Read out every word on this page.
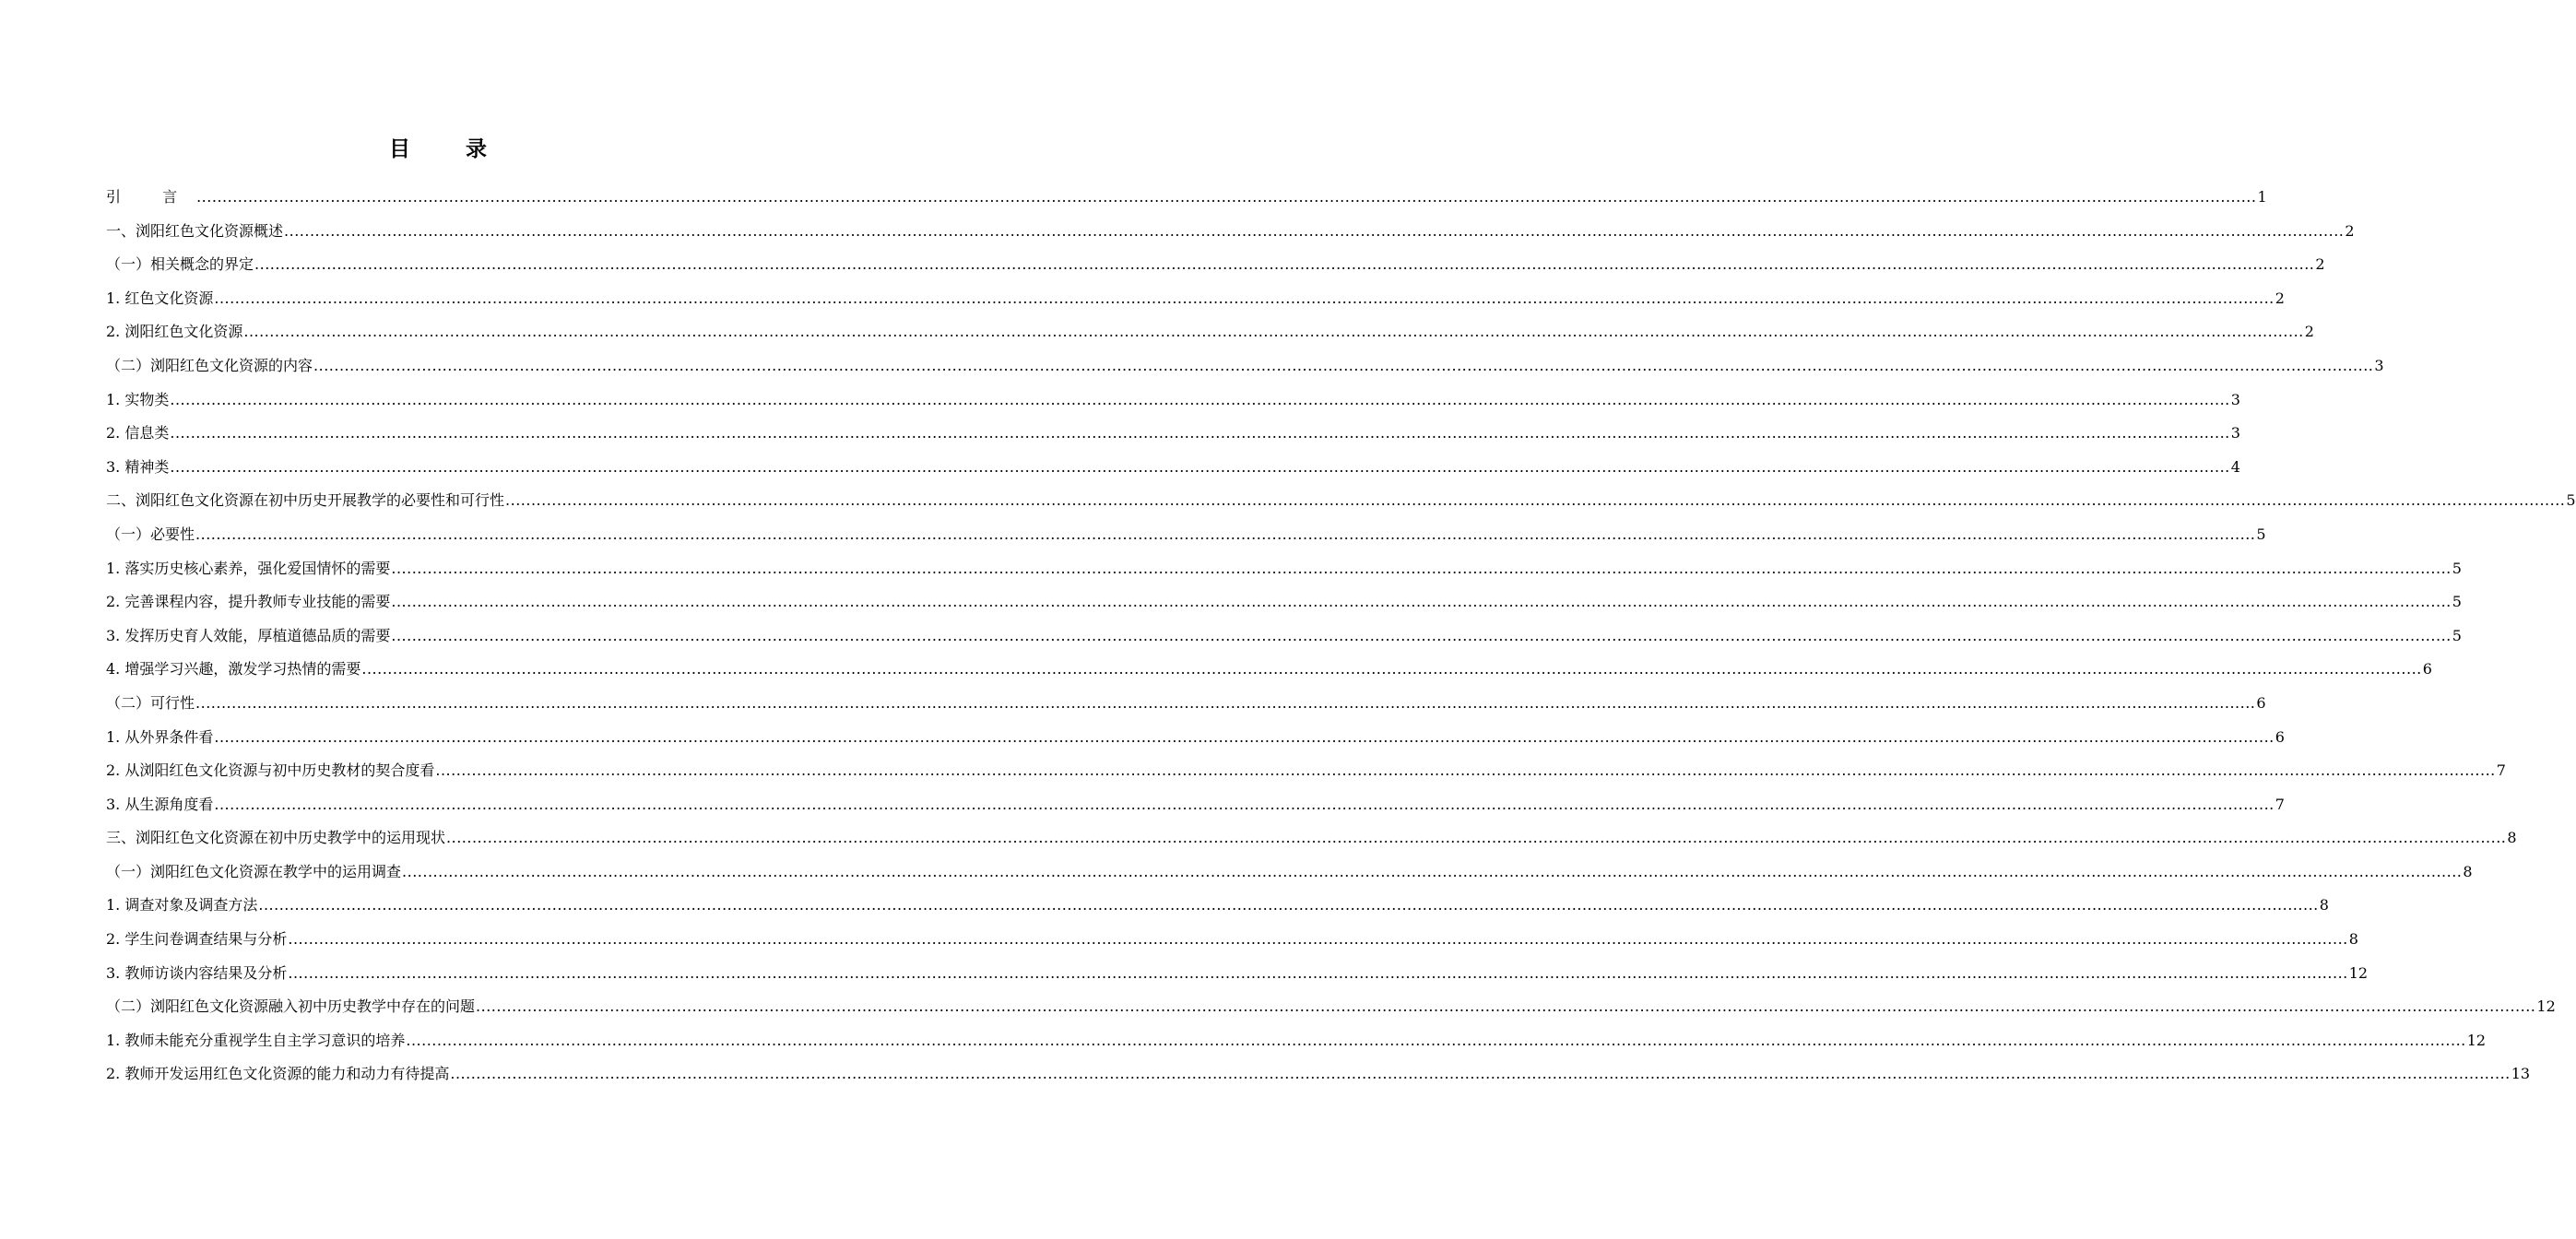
目 录
引 言 ................................................................................................................................................................................................................................................................................................................................................................................................................ 1
一、浏阳红色文化资源概述 ................................................................................................................................................................................................................................................................................................................................................................................................................ 2
（一）相关概念的界定 ................................................................................................................................................................................................................................................................................................................................................................................................................ 2
1. 红色文化资源 ................................................................................................................................................................................................................................................................................................................................................................................................................ 2
2. 浏阳红色文化资源 ................................................................................................................................................................................................................................................................................................................................................................................................................ 2
（二）浏阳红色文化资源的内容 ................................................................................................................................................................................................................................................................................................................................................................................................................ 3
1. 实物类 ................................................................................................................................................................................................................................................................................................................................................................................................................ 3
2. 信息类 ................................................................................................................................................................................................................................................................................................................................................................................................................ 3
3. 精神类 ................................................................................................................................................................................................................................................................................................................................................................................................................ 4
二、浏阳红色文化资源在初中历史开展教学的必要性和可行性 ................................................................................................................................................................................................................................................................................................................................................................................................................ 5
（一）必要性 ................................................................................................................................................................................................................................................................................................................................................................................................................ 5
1. 落实历史核心素养，强化爱国情怀的需要 ................................................................................................................................................................................................................................................................................................................................................................................................................ 5
2. 完善课程内容，提升教师专业技能的需要 ................................................................................................................................................................................................................................................................................................................................................................................................................ 5
3. 发挥历史育人效能，厚植道德品质的需要 ................................................................................................................................................................................................................................................................................................................................................................................................................ 5
4. 增强学习兴趣，激发学习热情的需要 ................................................................................................................................................................................................................................................................................................................................................................................................................ 6
（二）可行性 ................................................................................................................................................................................................................................................................................................................................................................................................................ 6
1. 从外界条件看 ................................................................................................................................................................................................................................................................................................................................................................................................................ 6
2. 从浏阳红色文化资源与初中历史教材的契合度看 ................................................................................................................................................................................................................................................................................................................................................................................................................ 7
3. 从生源角度看 ................................................................................................................................................................................................................................................................................................................................................................................................................ 7
三、浏阳红色文化资源在初中历史教学中的运用现状 ................................................................................................................................................................................................................................................................................................................................................................................................................ 8
（一）浏阳红色文化资源在教学中的运用调查 ................................................................................................................................................................................................................................................................................................................................................................................................................ 8
1. 调查对象及调查方法 ................................................................................................................................................................................................................................................................................................................................................................................................................ 8
2. 学生问卷调查结果与分析 ................................................................................................................................................................................................................................................................................................................................................................................................................ 8
3. 教师访谈内容结果及分析 ................................................................................................................................................................................................................................................................................................................................................................................................................ 12
（二）浏阳红色文化资源融入初中历史教学中存在的问题 ................................................................................................................................................................................................................................................................................................................................................................................................................ 12
1. 教师未能充分重视学生自主学习意识的培养 ................................................................................................................................................................................................................................................................................................................................................................................................................ 12
2. 教师开发运用红色文化资源的能力和动力有待提高 ................................................................................................................................................................................................................................................................................................................................................................................................................ 13
